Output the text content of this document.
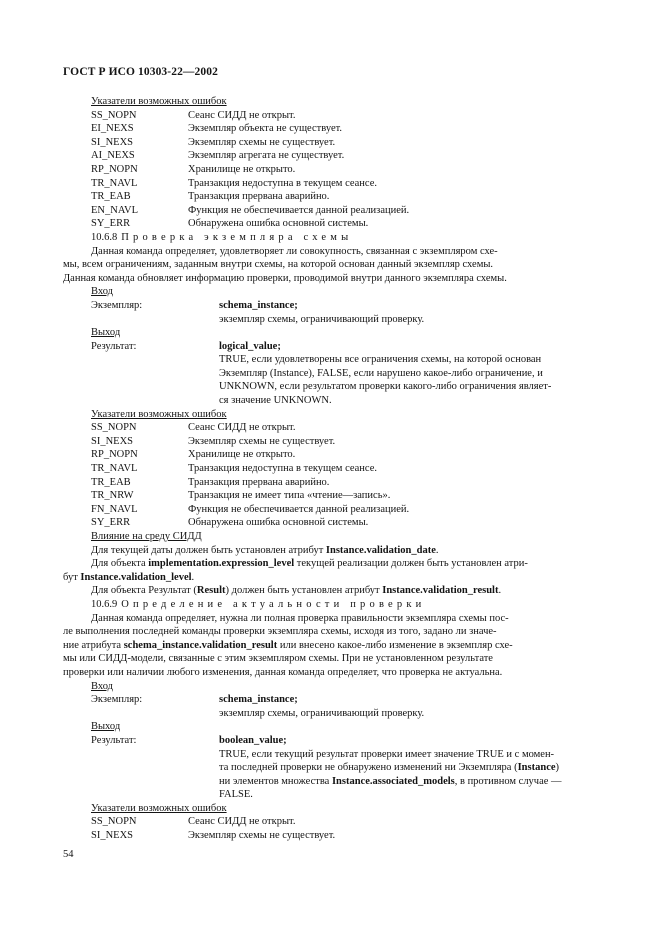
ГОСТ Р ИСО 10303-22—2002
Указатели возможных ошибок
SS_NOPN	Сеанс СИДД не открыт.
EI_NEXS	Экземпляр объекта не существует.
SI_NEXS	Экземпляр схемы не существует.
AI_NEXS	Экземпляр агрегата не существует.
RP_NOPN	Хранилище не открыто.
TR_NAVL	Транзакция недоступна в текущем сеансе.
TR_EAB	Транзакция прервана аварийно.
EN_NAVL	Функция не обеспечивается данной реализацией.
SY_ERR	Обнаружена ошибка основной системы.
10.6.8 Проверка экземпляра схемы
Данная команда определяет, удовлетворяет ли совокупность, связанная с экземпляром схе-
мы, всем ограничениям, заданным внутри схемы, на которой основан данный экземпляр схемы.
Данная команда обновляет информацию проверки, проводимой внутри данного экземпляра схемы.
Вход
Экземпляр:	schema_instance;
экземпляр схемы, ограничивающий проверку.
Выход
Результат:	logical_value;
TRUE, если удовлетворены все ограничения схемы, на которой основан
Экземпляр (Instance), FALSE, если нарушено какое-либо ограничение, и
UNKNOWN, если результатом проверки какого-либо ограничения являет-
ся значение UNKNOWN.
Указатели возможных ошибок
SS_NOPN	Сеанс СИДД не открыт.
SI_NEXS	Экземпляр схемы не существует.
RP_NOPN	Хранилище не открыто.
TR_NAVL	Транзакция недоступна в текущем сеансе.
TR_EAB	Транзакция прервана аварийно.
TR_NRW	Транзакция не имеет типа «чтение—запись».
FN_NAVL	Функция не обеспечивается данной реализацией.
SY_ERR	Обнаружена ошибка основной системы.
Влияние на среду СИДД
Для текущей даты должен быть установлен атрибут Instance.validation_date.
Для объекта implementation.expression_level текущей реализации должен быть установлен атри-
бут Instance.validation_level.
Для объекта Результат (Result) должен быть установлен атрибут Instance.validation_result.
10.6.9 Определение актуальности проверки
Данная команда определяет, нужна ли полная проверка правильности экземпляра схемы пос-
ле выполнения последней команды проверки экземпляра схемы, исходя из того, задано ли значе-
ние атрибута schema_instance.validation_result или внесено какое-либо изменение в экземпляр схе-
мы или СИДД-модели, связанные с этим экземпляром схемы. При не установленном результате
проверки или наличии любого изменения, данная команда определяет, что проверка не актуальна.
Вход
Экземпляр:	schema_instance;
экземпляр схемы, ограничивающий проверку.
Выход
Результат:	boolean_value;
TRUE, если текущий результат проверки имеет значение TRUE и с момен-
та последней проверки не обнаружено изменений ни Экземпляра (Instance)
ни элементов множества Instance.associated_models, в противном случае —
FALSE.
Указатели возможных ошибок
SS_NOPN	Сеанс СИДД не открыт.
SI_NEXS	Экземпляр схемы не существует.
54
